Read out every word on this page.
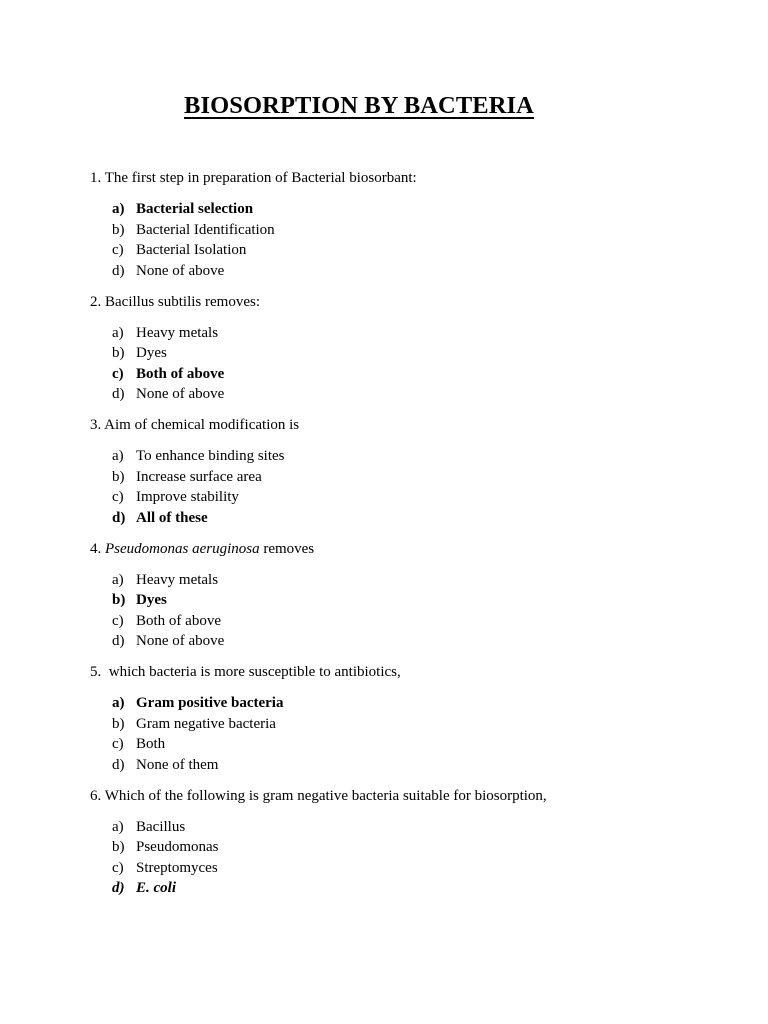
BIOSORPTION BY BACTERIA
1. The first step in preparation of Bacterial biosorbant:
a) Bacterial selection
b) Bacterial Identification
c) Bacterial Isolation
d) None of above
2. Bacillus subtilis removes:
a) Heavy metals
b) Dyes
c) Both of above
d) None of above
3. Aim of chemical modification is
a) To enhance binding sites
b) Increase surface area
c) Improve stability
d) All of these
4. Pseudomonas aeruginosa removes
a) Heavy metals
b) Dyes
c) Both of above
d) None of above
5.  which bacteria is more susceptible to antibiotics,
a) Gram positive bacteria
b) Gram negative bacteria
c) Both
d) None of them
6. Which of the following is gram negative bacteria suitable for biosorption,
a) Bacillus
b) Pseudomonas
c) Streptomyces
d) E. coli
